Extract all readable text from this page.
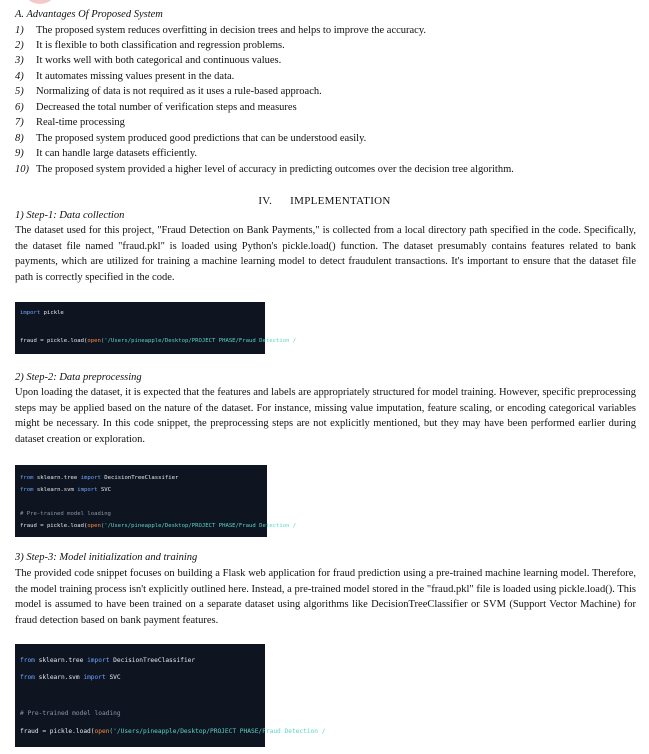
A. Advantages Of Proposed System
1) The proposed system reduces overfitting in decision trees and helps to improve the accuracy.
2) It is flexible to both classification and regression problems.
3) It works well with both categorical and continuous values.
4) It automates missing values present in the data.
5) Normalizing of data is not required as it uses a rule-based approach.
6) Decreased the total number of verification steps and measures
7) Real-time processing
8) The proposed system produced good predictions that can be understood easily.
9) It can handle large datasets efficiently.
10) The proposed system provided a higher level of accuracy in predicting outcomes over the decision tree algorithm.
IV. IMPLEMENTATION
1) Step-1: Data collection
The dataset used for this project, "Fraud Detection on Bank Payments," is collected from a local directory path specified in the code. Specifically, the dataset file named "fraud.pkl" is loaded using Python's pickle.load() function. The dataset presumably contains features related to bank payments, which are utilized for training a machine learning model to detect fraudulent transactions. It's important to ensure that the dataset file path is correctly specified in the code.
import pickle
fraud = pickle.load(open('/Users/pineapple/Desktop/PROJECT PHASE/Fraud Detection /
2) Step-2: Data preprocessing
Upon loading the dataset, it is expected that the features and labels are appropriately structured for model training. However, specific preprocessing steps may be applied based on the nature of the dataset. For instance, missing value imputation, feature scaling, or encoding categorical variables might be necessary. In this code snippet, the preprocessing steps are not explicitly mentioned, but they may have been performed earlier during dataset creation or exploration.
from sklearn.tree import DecisionTreeClassifier
from sklearn.svm import SVC
# Pre-trained model loading
fraud = pickle.load(open('/Users/pineapple/Desktop/PROJECT PHASE/Fraud Detection /
3) Step-3: Model initialization and training
The provided code snippet focuses on building a Flask web application for fraud prediction using a pre-trained machine learning model. Therefore, the model training process isn't explicitly outlined here. Instead, a pre-trained model stored in the "fraud.pkl" file is loaded using pickle.load(). This model is assumed to have been trained on a separate dataset using algorithms like DecisionTreeClassifier or SVM (Support Vector Machine) for fraud detection based on bank payment features.
from sklearn.tree import DecisionTreeClassifier
from sklearn.svm import SVC
# Pre-trained model loading
fraud = pickle.load(open('/Users/pineapple/Desktop/PROJECT PHASE/Fraud Detection /
